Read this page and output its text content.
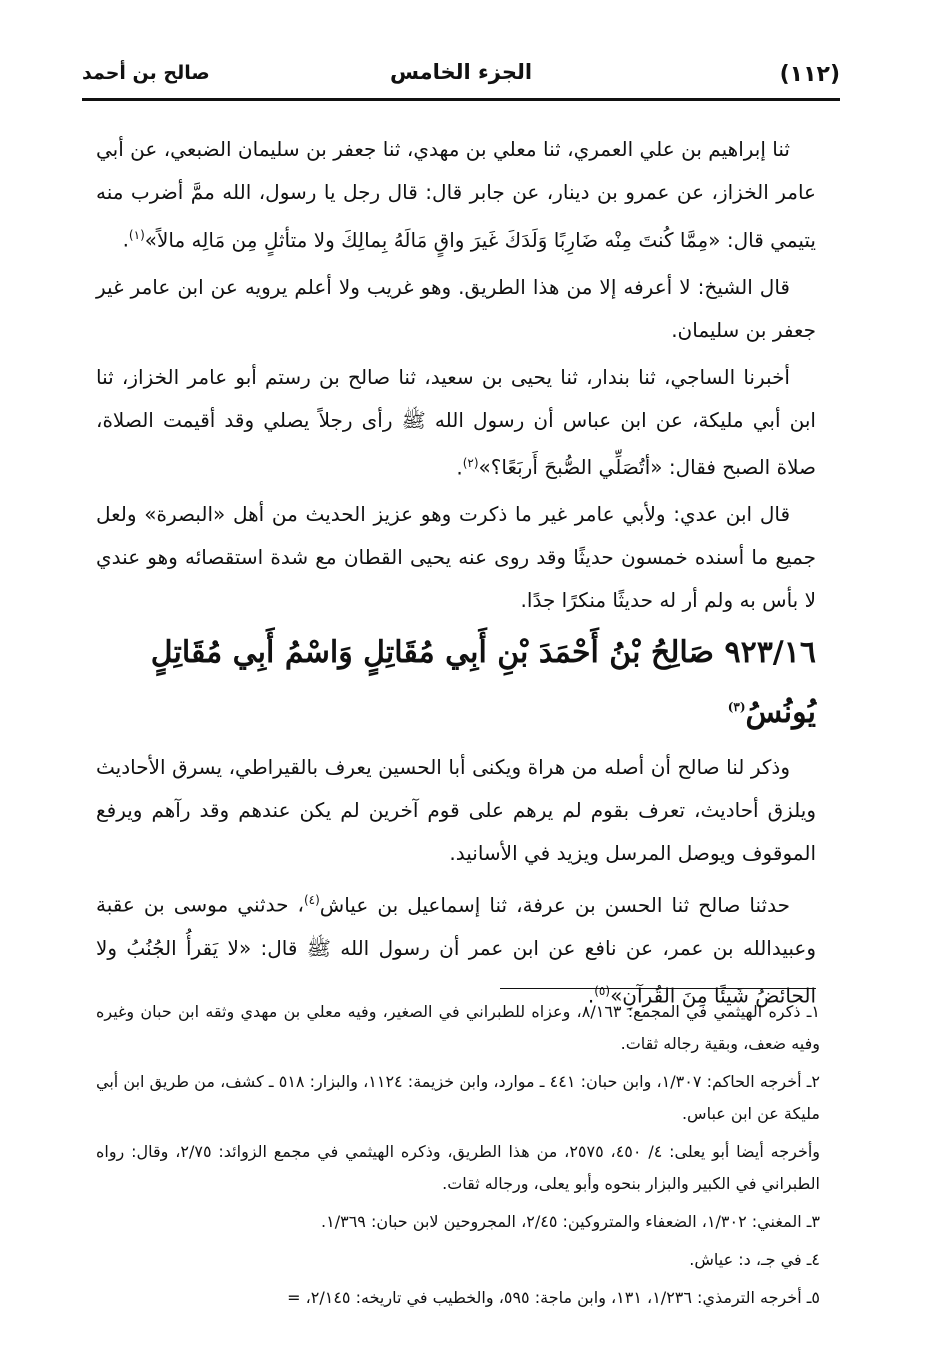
(١١٢)
الجزء الخامس
صالح بن أحمد

ثنا إبراهيم بن علي العمري، ثنا معلي بن مهدي، ثنا جعفر بن سليمان الضبعي، عن أبي عامر الخزاز، عن عمرو بن دينار، عن جابر قال: قال رجل يا رسول، الله ممَّ أضرب منه يتيمي قال: «مِمَّا كُنتَ مِنْه ضَارِبًا وَلَدَكَ غَيرَ واقٍ مَالَهُ بِمالِكَ ولا متأثلٍ مِن مَالِه مالاً»$^{(١)}$.

قال الشيخ: لا أعرفه إلا من هذا الطريق. وهو غريب ولا أعلم يرويه عن ابن عامر غير جعفر بن سليمان.

أخبرنا الساجي، ثنا بندار، ثنا يحيى بن سعيد، ثنا صالح بن رستم أبو عامر الخزاز، ثنا ابن أبي مليكة، عن ابن عباس أن رسول الله ﷺ رأى رجلاً يصلي وقد أقيمت الصلاة، صلاة الصبح فقال: «أتُصَلِّي الصُّبحَ أَربَعًا؟»$^{(٢)}$.

قال ابن عدي: ولأبي عامر غير ما ذكرت وهو عزيز الحديث من أهل «البصرة» ولعل جميع ما أسنده خمسون حديثًا وقد روى عنه يحيى القطان مع شدة استقصائه وهو عندي لا بأس به ولم أر له حديثًا منكرًا جدًا.

٩٢٣/١٦ صَالِحُ بْنُ أَحْمَدَ بْنِ أَبِي مُقَاتِلٍ وَاسْمُ أَبِي مُقَاتِلٍ يُونُسُ$^{(٣)}$

وذكر لنا صالح أن أصله من هراة ويكنى أبا الحسين يعرف بالقيراطي، يسرق الأحاديث ويلزق أحاديث، تعرف بقوم لم يرهم على قوم آخرين لم يكن عندهم وقد رآهم ويرفع الموقوف ويوصل المرسل ويزيد في الأسانيد.

حدثنا صالح ثنا الحسن بن عرفة، ثنا إسماعيل بن عياش$^{(٤)}$، حدثني موسى بن عقبة وعبيدالله بن عمر، عن نافع عن ابن عمر أن رسول الله ﷺ قال: «لا يَقرأُ الجُنُبُ ولا الحائضُ شَيئًا مِنَ القُرآنِ»$^{(٥)}$.

١ـ ذكره الهيثمي في المجمع: ٨/١٦٣، وعزاه للطبراني في الصغير، وفيه معلي بن مهدي وثقه ابن حبان وغيره وفيه ضعف، وبقية رجاله ثقات.

٢ـ أخرجه الحاكم: ١/٣٠٧، وابن حبان: ٤٤١ ـ موارد، وابن خزيمة: ١١٢٤، والبزار: ٥١٨ ـ كشف، من طريق ابن أبي مليكة عن ابن عباس.

وأخرجه أيضا أبو يعلى: ٤/ ٤٥٠، ٢٥٧٥، من هذا الطريق، وذكره الهيثمي في مجمع الزوائد: ٢/٧٥، وقال: رواه الطبراني في الكبير والبزار بنحوه وأبو يعلى، ورجاله ثقات.

٣ـ المغني: ١/٣٠٢، الضعفاء والمتروكين: ٢/٤٥، المجروحين لابن حبان: ١/٣٦٩.

٤ـ في جـ، د: عياش.

٥ـ أخرجه الترمذي: ١/٢٣٦، ١٣١، وابن ماجة: ٥٩٥، والخطيب في تاريخه: ٢/١٤٥، =
